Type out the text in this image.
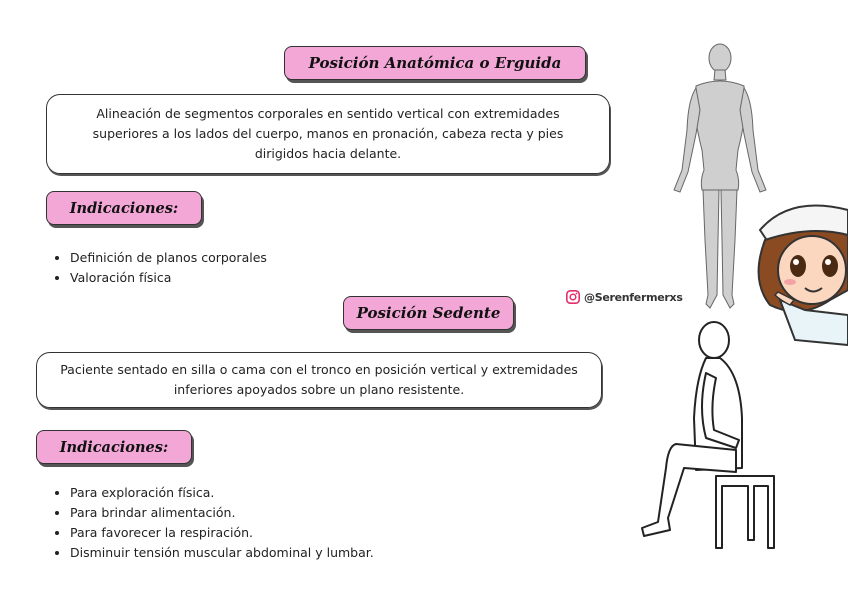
Posición Anatómica o Erguida
Alineación de segmentos corporales en sentido vertical con extremidades superiores a los lados del cuerpo, manos en pronación, cabeza recta y pies dirigidos hacia delante.
Indicaciones:
• Definición de planos corporales
• Valoración física
@Serenfermerxs
Posición Sedente
Paciente sentado en silla o cama con el tronco en posición vertical y extremidades inferiores apoyados sobre un plano resistente.
Indicaciones:
• Para exploración física.
• Para brindar alimentación.
• Para favorecer la respiración.
• Disminuir tensión muscular abdominal y lumbar.
